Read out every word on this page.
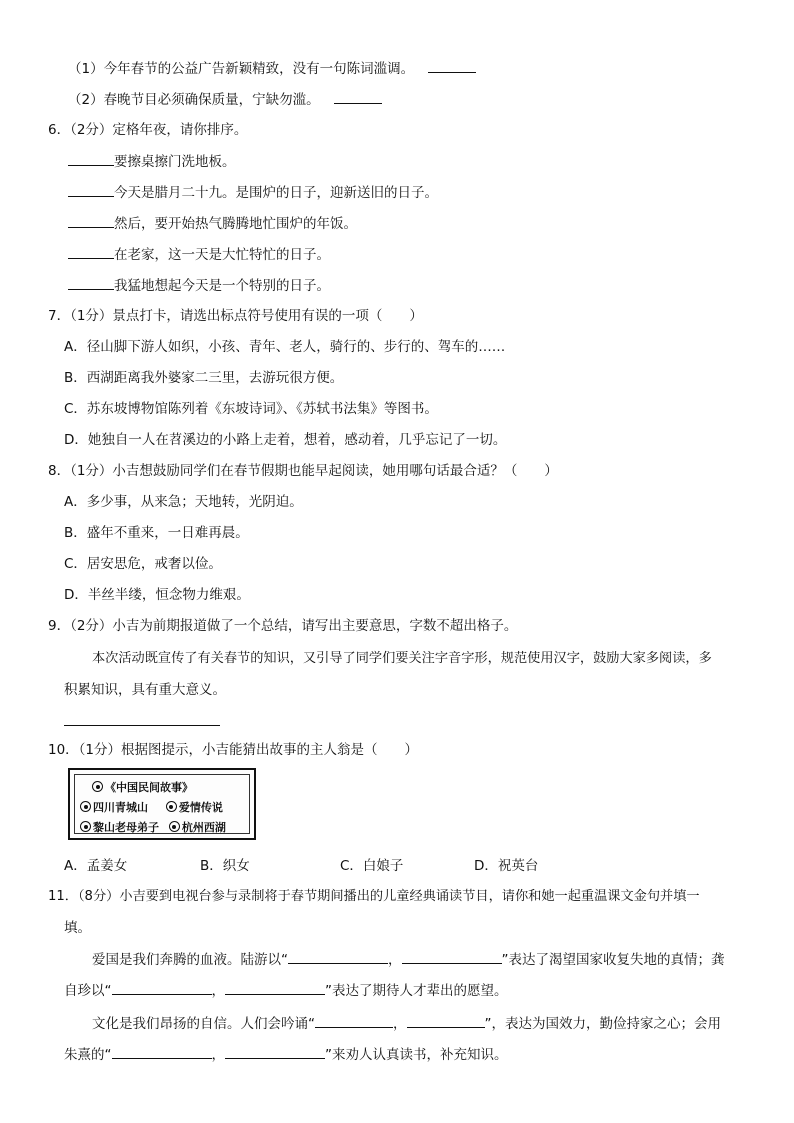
（1）今年春节的公益广告新颖精致，没有一句陈词滥调。
（2）春晚节目必须确保质量，宁缺勿滥。
6．（2分）定格年夜，请你排序。
要擦桌擦门洗地板。
今天是腊月二十九。是围炉的日子，迎新送旧的日子。
然后，要开始热气腾腾地忙围炉的年饭。
在老家，这一天是大忙特忙的日子。
我猛地想起今天是一个特别的日子。
7．（1分）景点打卡，请选出标点符号使用有误的一项（　　）
A．径山脚下游人如织，小孩、青年、老人，骑行的、步行的、驾车的……
B．西湖距离我外婆家二三里，去游玩很方便。
C．苏东坡博物馆陈列着《东坡诗词》、《苏轼书法集》等图书。
D．她独自一人在苕溪边的小路上走着，想着，感动着，几乎忘记了一切。
8．（1分）小吉想鼓励同学们在春节假期也能早起阅读，她用哪句话最合适？（　　）
A．多少事，从来急；天地转，光阴迫。
B．盛年不重来，一日难再晨。
C．居安思危，戒奢以俭。
D．半丝半缕，恒念物力维艰。
9．（2分）小吉为前期报道做了一个总结，请写出主要意思，字数不超出格子。
本次活动既宣传了有关春节的知识，又引导了同学们要关注字音字形，规范使用汉字，鼓励大家多阅读，多
积累知识，具有重大意义。
10．（1分）根据图提示，小吉能猜出故事的主人翁是（　　）
《中国民间故事》
四川青城山	爱情传说
黎山老母弟子 杭州西湖
A．孟姜女	B．织女	C．白娘子	D．祝英台
11．（8分）小吉要到电视台参与录制将于春节期间播出的儿童经典诵读节目，请你和她一起重温课文金句并填一
填。
爱国是我们奔腾的血液。陆游以“	，	”表达了渴望国家收复失地的真情；龚
自珍以“	，	”表达了期待人才辈出的愿望。
文化是我们昂扬的自信。人们会吟诵“	，	”，表达为国效力，勤俭持家之心；会用
朱熹的“	，	”来劝人认真读书，补充知识。
